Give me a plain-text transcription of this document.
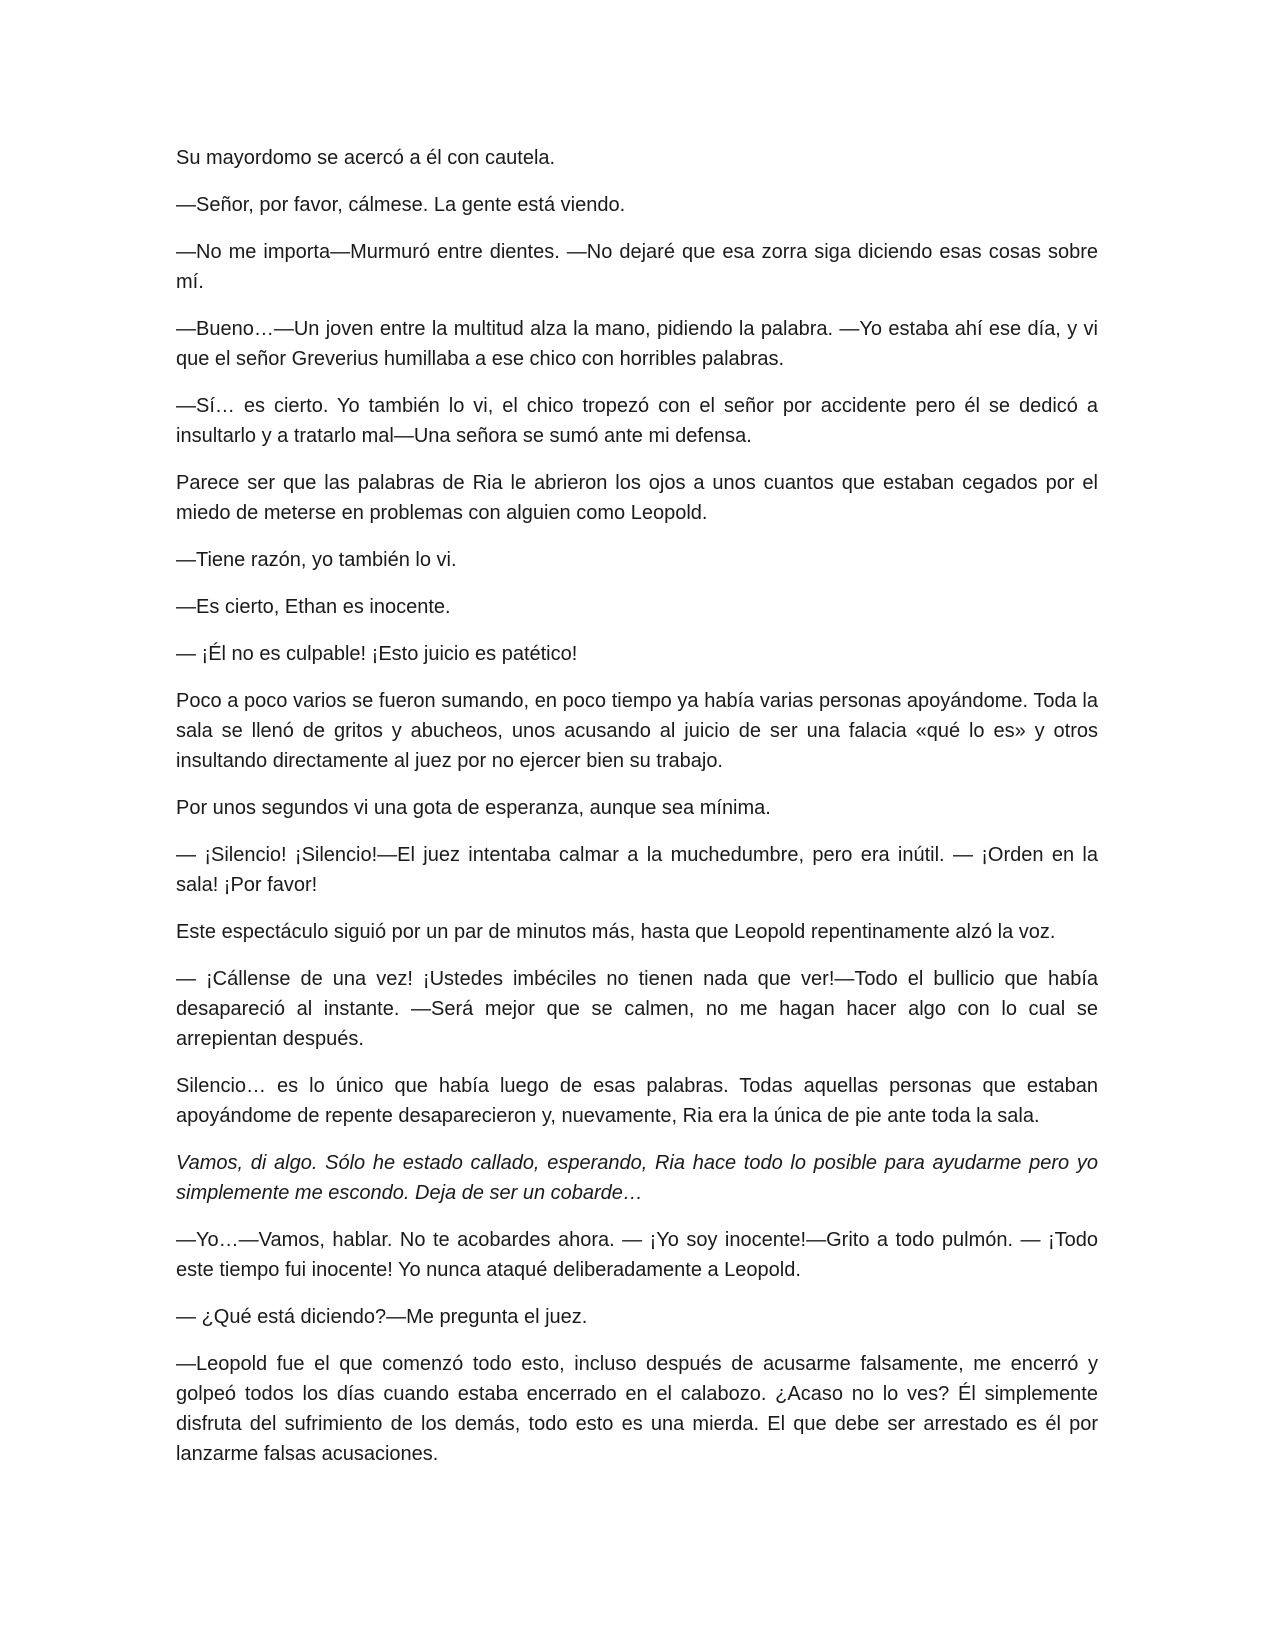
Su mayordomo se acercó a él con cautela.

—Señor, por favor, cálmese. La gente está viendo.

—No me importa—Murmuró entre dientes. —No dejaré que esa zorra siga diciendo esas cosas sobre mí.

—Bueno…—Un joven entre la multitud alza la mano, pidiendo la palabra. —Yo estaba ahí ese día, y vi que el señor Greverius humillaba a ese chico con horribles palabras.

—Sí… es cierto. Yo también lo vi, el chico tropezó con el señor por accidente pero él se dedicó a insultarlo y a tratarlo mal—Una señora se sumó ante mi defensa.

Parece ser que las palabras de Ria le abrieron los ojos a unos cuantos que estaban cegados por el miedo de meterse en problemas con alguien como Leopold.

—Tiene razón, yo también lo vi.

—Es cierto, Ethan es inocente.

— ¡Él no es culpable! ¡Esto juicio es patético!

Poco a poco varios se fueron sumando, en poco tiempo ya había varias personas apoyándome. Toda la sala se llenó de gritos y abucheos, unos acusando al juicio de ser una falacia «qué lo es» y otros insultando directamente al juez por no ejercer bien su trabajo.

Por unos segundos vi una gota de esperanza, aunque sea mínima.

— ¡Silencio! ¡Silencio!—El juez intentaba calmar a la muchedumbre, pero era inútil. — ¡Orden en la sala! ¡Por favor!

Este espectáculo siguió por un par de minutos más, hasta que Leopold repentinamente alzó la voz.

— ¡Cállense de una vez! ¡Ustedes imbéciles no tienen nada que ver!—Todo el bullicio que había desapareció al instante. —Será mejor que se calmen, no me hagan hacer algo con lo cual se arrepientan después.

Silencio… es lo único que había luego de esas palabras. Todas aquellas personas que estaban apoyándome de repente desaparecieron y, nuevamente, Ria era la única de pie ante toda la sala.

Vamos, di algo. Sólo he estado callado, esperando, Ria hace todo lo posible para ayudarme pero yo simplemente me escondo. Deja de ser un cobarde…

—Yo…—Vamos, hablar. No te acobardes ahora. — ¡Yo soy inocente!—Grito a todo pulmón. — ¡Todo este tiempo fui inocente! Yo nunca ataqué deliberadamente a Leopold.

— ¿Qué está diciendo?—Me pregunta el juez.

—Leopold fue el que comenzó todo esto, incluso después de acusarme falsamente, me encerró y golpeó todos los días cuando estaba encerrado en el calabozo. ¿Acaso no lo ves? Él simplemente disfruta del sufrimiento de los demás, todo esto es una mierda. El que debe ser arrestado es él por lanzarme falsas acusaciones.
